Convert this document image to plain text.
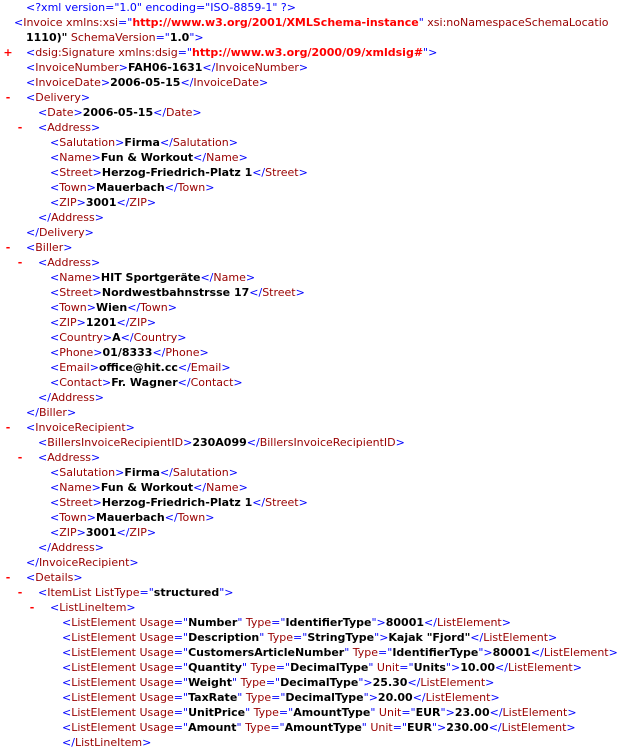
<?xml version="1.0" encoding="ISO-8859-1" ?>
<Invoice xmlns:xsi="http://www.w3.org/2001/XMLSchema-instance" xsi:noNamespaceSchemaLocatio
1110)" SchemaVersion="1.0">
+ <dsig:Signature xmlns:dsig="http://www.w3.org/2000/09/xmldsig#">
<InvoiceNumber>FAH06-1631</InvoiceNumber>
<InvoiceDate>2006-05-15</InvoiceDate>
-	<Delivery>
<Date>2006-05-15</Date>
-	<Address>
<Salutation>Firma</Salutation>
<Name>Fun & Workout</Name>
<Street>Herzog-Friedrich-Platz 1</Street>
<Town>Mauerbach</Town>
<ZIP>3001</ZIP>
</Address>
</Delivery>
-	<Biller>
-	<Address>
<Name>HIT Sportgeräte</Name>
<Street>Nordwestbahnstrsse 17</Street>
<Town>Wien</Town>
<ZIP>1201</ZIP>
<Country>A</Country>
<Phone>01/8333</Phone>
<Email>office@hit.cc</Email>
<Contact>Fr. Wagner</Contact>
</Address>
</Biller>
-	<InvoiceRecipient>
<BillersInvoiceRecipientID>230A099</BillersInvoiceRecipientID>
-	<Address>
<Salutation>Firma</Salutation>
<Name>Fun & Workout</Name>
<Street>Herzog-Friedrich-Platz 1</Street>
<Town>Mauerbach</Town>
<ZIP>3001</ZIP>
</Address>
</InvoiceRecipient>
-	<Details>
-	<ItemList ListType="structured">
-	<ListLineItem>
<ListElement Usage="Number" Type="IdentifierType">80001</ListElement>
<ListElement Usage="Description" Type="StringType">Kajak "Fjord"</ListElement>
<ListElement Usage="CustomersArticleNumber" Type="IdentifierType">80001</ListElement>
<ListElement Usage="Quantity" Type="DecimalType" Unit="Units">10.00</ListElement>
<ListElement Usage="Weight" Type="DecimalType">25.30</ListElement>
<ListElement Usage="TaxRate" Type="DecimalType">20.00</ListElement>
<ListElement Usage="UnitPrice" Type="AmountType" Unit="EUR">23.00</ListElement>
<ListElement Usage="Amount" Type="AmountType" Unit="EUR">230.00</ListElement>
</ListLineItem>
